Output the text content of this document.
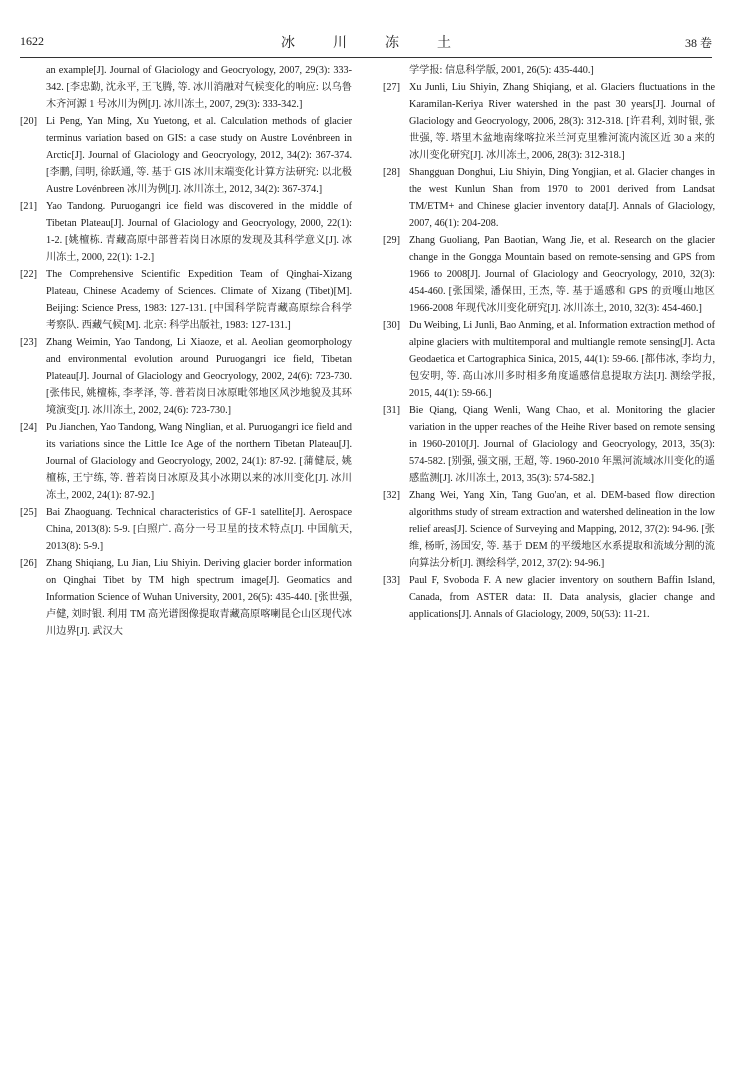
1622	冰川冻土	38 卷

an example[J]. Journal of Glaciology and Geocryology, 2007, 29(3): 333-342. [李忠勤, 沈永平, 王飞腾, 等. 冰川消融对气候变化的响应: 以乌鲁木齐河源 1 号冰川为例[J]. 冰川冻土, 2007, 29(3): 333-342.]

[20] Li Peng, Yan Ming, Xu Yuetong, et al. Calculation methods of glacier terminus variation based on GIS: a case study on Austre Lovénbreen in Arctic[J]. Journal of Glaciology and Geocryology, 2012, 34(2): 367-374. [李鹏, 闫明, 徐跃通, 等. 基于 GIS 冰川末端变化计算方法研究: 以北极 Austre Lovénbreen 冰川为例[J]. 冰川冻土, 2012, 34(2): 367-374.]

[21] Yao Tandong. Puruogangri ice field was discovered in the middle of Tibetan Plateau[J]. Journal of Glaciology and Geocryology, 2000, 22(1): 1-2. [姚檀栋. 青藏高原中部普若岗日冰原的发现及其科学意义[J]. 冰川冻土, 2000, 22(1): 1-2.]

[22] The Comprehensive Scientific Expedition Team of Qinghai-Xizang Plateau, Chinese Academy of Sciences. Climate of Xizang (Tibet)[M]. Beijing: Science Press, 1983: 127-131. [中国科学院青藏高原综合科学考察队. 西藏气候[M]. 北京: 科学出版社, 1983: 127-131.]

[23] Zhang Weimin, Yao Tandong, Li Xiaoze, et al. Aeolian geomorphology and environmental evolution around Puruogangri ice field, Tibetan Plateau[J]. Journal of Glaciology and Geocryology, 2002, 24(6): 723-730. [张伟民, 姚檀栋, 李孝泽, 等. 普若岗日冰原毗邻地区风沙地貌及其环境演变[J]. 冰川冻土, 2002, 24(6): 723-730.]

[24] Pu Jianchen, Yao Tandong, Wang Ninglian, et al. Puruogangri ice field and its variations since the Little Ice Age of the northern Tibetan Plateau[J]. Journal of Glaciology and Geocryology, 2002, 24(1): 87-92. [蒲健辰, 姚檀栋, 王宁练, 等. 普若岗日冰原及其小冰期以来的冰川变化[J]. 冰川冻土, 2002, 24(1): 87-92.]

[25] Bai Zhaoguang. Technical characteristics of GF-1 satellite[J]. Aerospace China, 2013(8): 5-9. [白照广. 高分一号卫星的技术特点[J]. 中国航天, 2013(8): 5-9.]

[26] Zhang Shiqiang, Lu Jian, Liu Shiyin. Deriving glacier border information on Qinghai Tibet by TM high spectrum image[J]. Geomatics and Information Science of Wuhan University, 2001, 26(5): 435-440. [张世强, 卢健, 刘时银. 利用 TM 高光谱图像提取青藏高原喀喇昆仑山区现代冰川边界[J]. 武汉大

学学报: 信息科学版, 2001, 26(5): 435-440.]

[27] Xu Junli, Liu Shiyin, Zhang Shiqiang, et al. Glaciers fluctuations in the Karamilan-Keriya River watershed in the past 30 years[J]. Journal of Glaciology and Geocryology, 2006, 28(3): 312-318. [许君利, 刘时银, 张世强, 等. 塔里木盆地南缘喀拉米兰河克里雅河流内流区近 30 a 来的冰川变化研究[J]. 冰川冻土, 2006, 28(3): 312-318.]

[28] Shangguan Donghui, Liu Shiyin, Ding Yongjian, et al. Glacier changes in the west Kunlun Shan from 1970 to 2001 derived from Landsat TM/ETM+ and Chinese glacier inventory data[J]. Annals of Glaciology, 2007, 46(1): 204-208.

[29] Zhang Guoliang, Pan Baotian, Wang Jie, et al. Research on the glacier change in the Gongga Mountain based on remote-sensing and GPS from 1966 to 2008[J]. Journal of Glaciology and Geocryology, 2010, 32(3): 454-460. [张国梁, 潘保田, 王杰, 等. 基于遥感和 GPS 的贡嘎山地区 1966-2008 年现代冰川变化研究[J]. 冰川冻土, 2010, 32(3): 454-460.]

[30] Du Weibing, Li Junli, Bao Anming, et al. Information extraction method of alpine glaciers with multitemporal and multiangle remote sensing[J]. Acta Geodaetica et Cartographica Sinica, 2015, 44(1): 59-66. [都伟冰, 李均力, 包安明, 等. 高山冰川多时相多角度遥感信息提取方法[J]. 测绘学报, 2015, 44(1): 59-66.]

[31] Bie Qiang, Qiang Wenli, Wang Chao, et al. Monitoring the glacier variation in the upper reaches of the Heihe River based on remote sensing in 1960-2010[J]. Journal of Glaciology and Geocryology, 2013, 35(3): 574-582. [别强, 强文丽, 王超, 等. 1960-2010 年黑河流域冰川变化的遥感监测[J]. 冰川冻土, 2013, 35(3): 574-582.]

[32] Zhang Wei, Yang Xin, Tang Guo'an, et al. DEM-based flow direction algorithms study of stream extraction and watershed delineation in the low relief areas[J]. Science of Surveying and Mapping, 2012, 37(2): 94-96. [张维, 杨昕, 汤国安, 等. 基于 DEM 的平缓地区水系提取和流域分割的流向算法分析[J]. 测绘科学, 2012, 37(2): 94-96.]

[33] Paul F, Svoboda F. A new glacier inventory on southern Baffin Island, Canada, from ASTER data: II. Data analysis, glacier change and applications[J]. Annals of Glaciology, 2009, 50(53): 11-21.
